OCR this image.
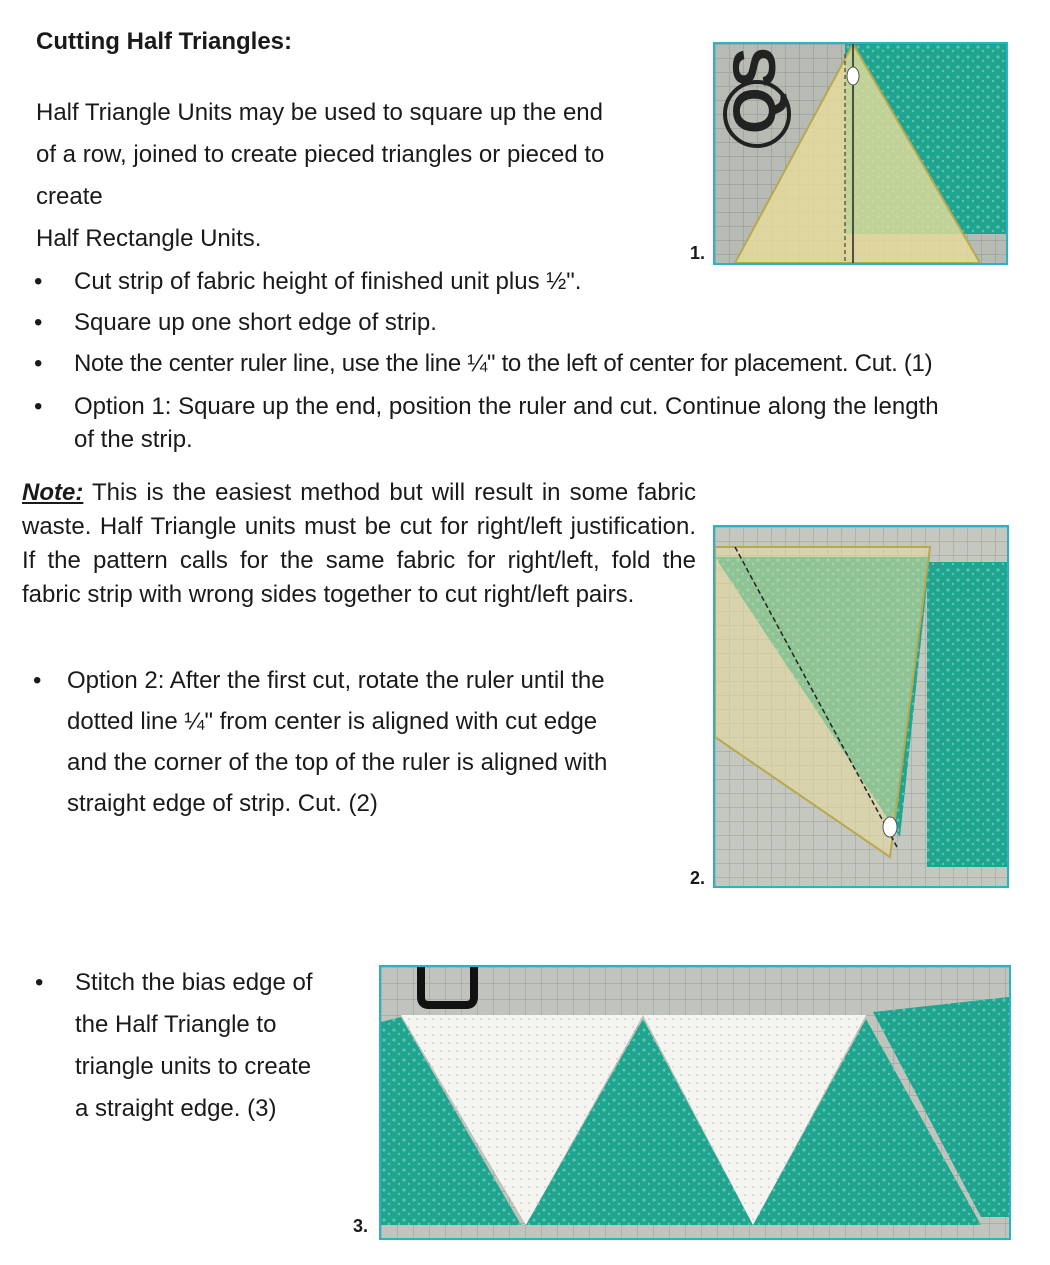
Cutting Half Triangles:
Half Triangle Units may be used to square up the end
of a row, joined to create pieced triangles or pieced to
create
Half Rectangle Units.
• Cut strip of fabric height of finished unit plus ½".
• Square up one short edge of strip.
• Note the center ruler line, use the line ¼" to the left of center for placement. Cut. (1)
• Option 1: Square up the end, position the ruler and cut. Continue along the length
of the strip.
Note: This is the easiest method but will result in some fabric waste. Half Triangle units must be cut for right/left justification. If the pattern calls for the same fabric for right/left, fold the fabric strip with wrong sides together to cut right/left pairs.
• Option 2: After the first cut, rotate the ruler until the
dotted line ¼" from center is aligned with cut edge
and the corner of the top of the ruler is aligned with
straight edge of strip. Cut. (2)
• Stitch the bias edge of
the Half Triangle to
triangle units to create
a straight edge. (3)
1.
QS
2.
3.
